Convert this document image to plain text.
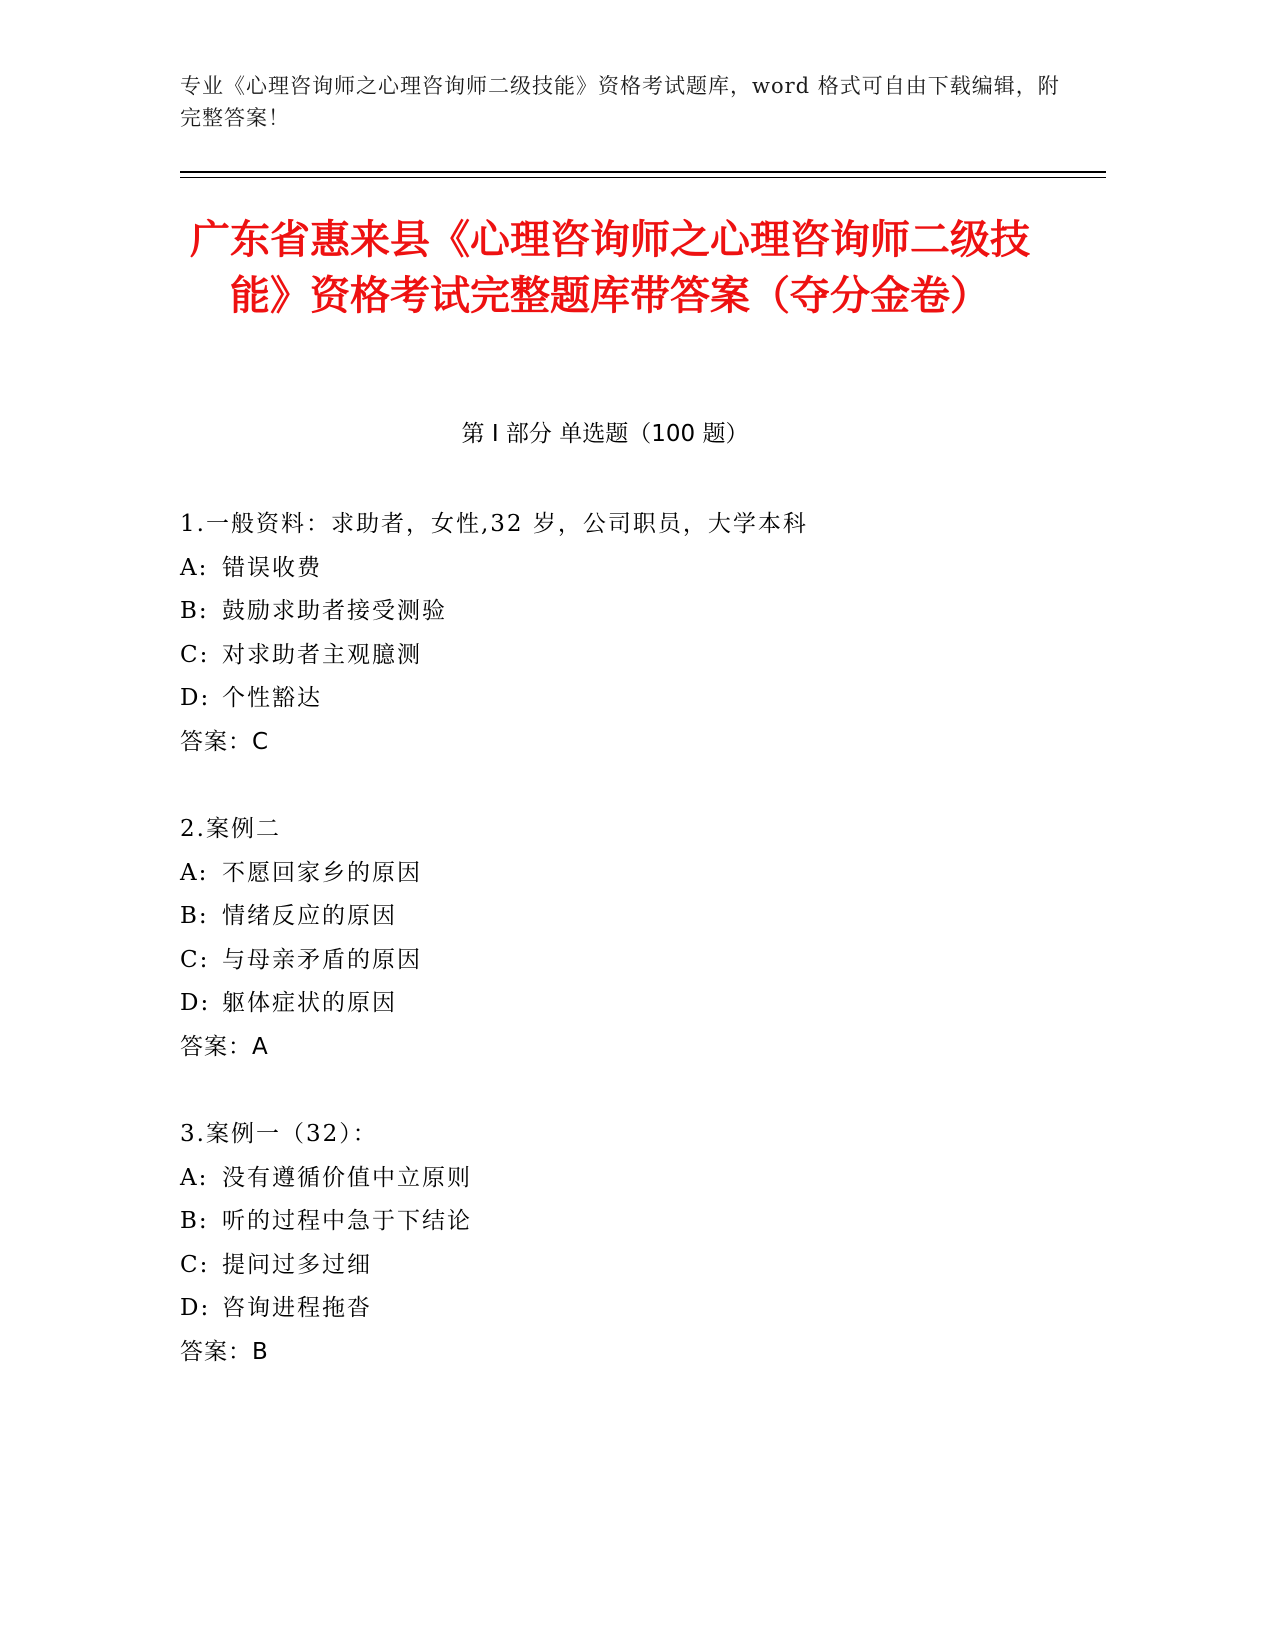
专业《心理咨询师之心理咨询师二级技能》资格考试题库，word 格式可自由下载编辑，附完整答案！
广东省惠来县《心理咨询师之心理咨询师二级技能》资格考试完整题库带答案（夺分金卷）
第 I 部分 单选题（100 题）
1.一般资料：求助者，女性,32 岁，公司职员，大学本科
A: 错误收费
B: 鼓励求助者接受测验
C: 对求助者主观臆测
D: 个性豁达
答案：C
2.案例二
A: 不愿回家乡的原因
B: 情绪反应的原因
C: 与母亲矛盾的原因
D: 躯体症状的原因
答案：A
3.案例一（32）：
A: 没有遵循价值中立原则
B: 听的过程中急于下结论
C: 提问过多过细
D: 咨询进程拖沓
答案：B
